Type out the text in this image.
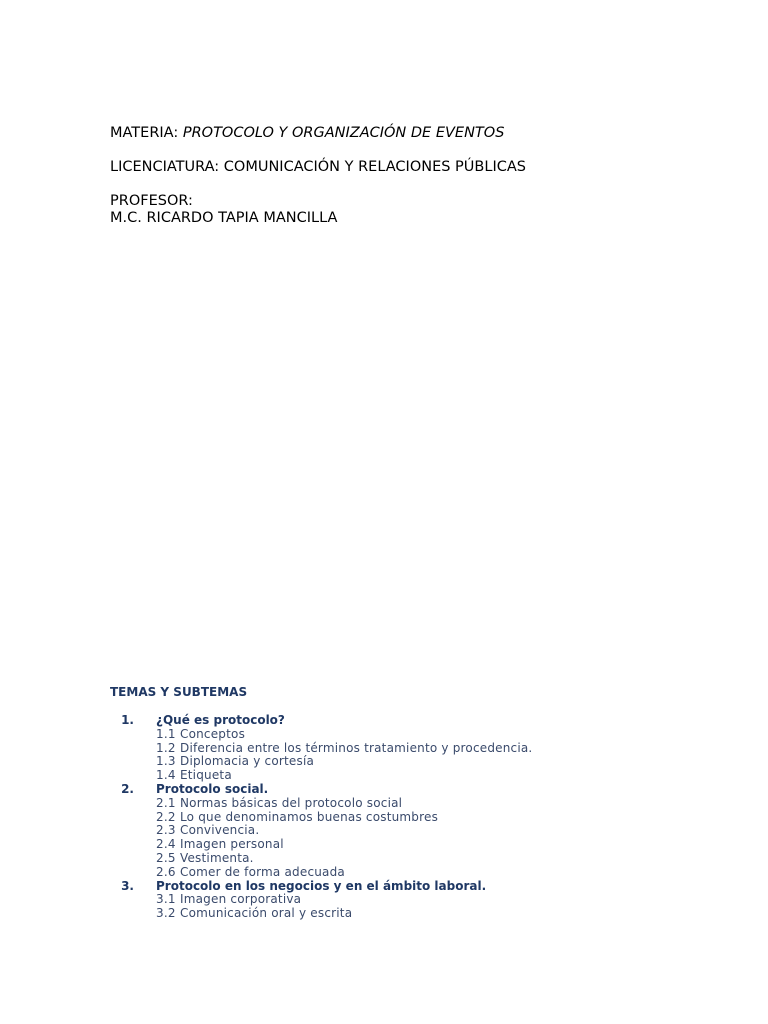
MATERIA: PROTOCOLO Y ORGANIZACIÓN DE EVENTOS
LICENCIATURA: COMUNICACIÓN Y RELACIONES PÚBLICAS
PROFESOR:
M.C. RICARDO TAPIA MANCILLA
TEMAS Y SUBTEMAS
1. ¿Qué es protocolo?
1.1 Conceptos
1.2 Diferencia entre los términos tratamiento y procedencia.
1.3 Diplomacia y cortesía
1.4 Etiqueta
2. Protocolo social.
2.1 Normas básicas del protocolo social
2.2 Lo que denominamos buenas costumbres
2.3 Convivencia.
2.4 Imagen personal
2.5 Vestimenta.
2.6 Comer de forma adecuada
3. Protocolo en los negocios y en el ámbito laboral.
3.1 Imagen corporativa
3.2 Comunicación oral y escrita
